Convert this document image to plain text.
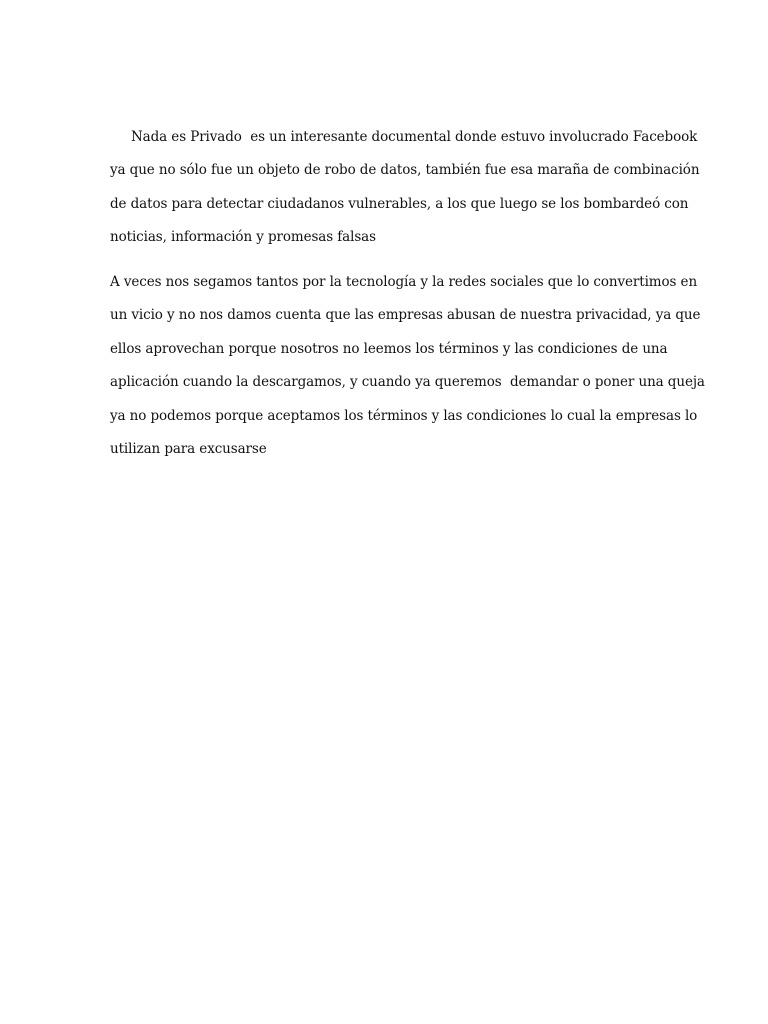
Nada es Privado  es un interesante documental donde estuvo involucrado Facebook
ya que no sólo fue un objeto de robo de datos, también fue esa maraña de combinación
de datos para detectar ciudadanos vulnerables, a los que luego se los bombardeó con
noticias, información y promesas falsas
A veces nos segamos tantos por la tecnología y la redes sociales que lo convertimos en
un vicio y no nos damos cuenta que las empresas abusan de nuestra privacidad, ya que
ellos aprovechan porque nosotros no leemos los términos y las condiciones de una
aplicación cuando la descargamos, y cuando ya queremos  demandar o poner una queja
ya no podemos porque aceptamos los términos y las condiciones lo cual la empresas lo
utilizan para excusarse
